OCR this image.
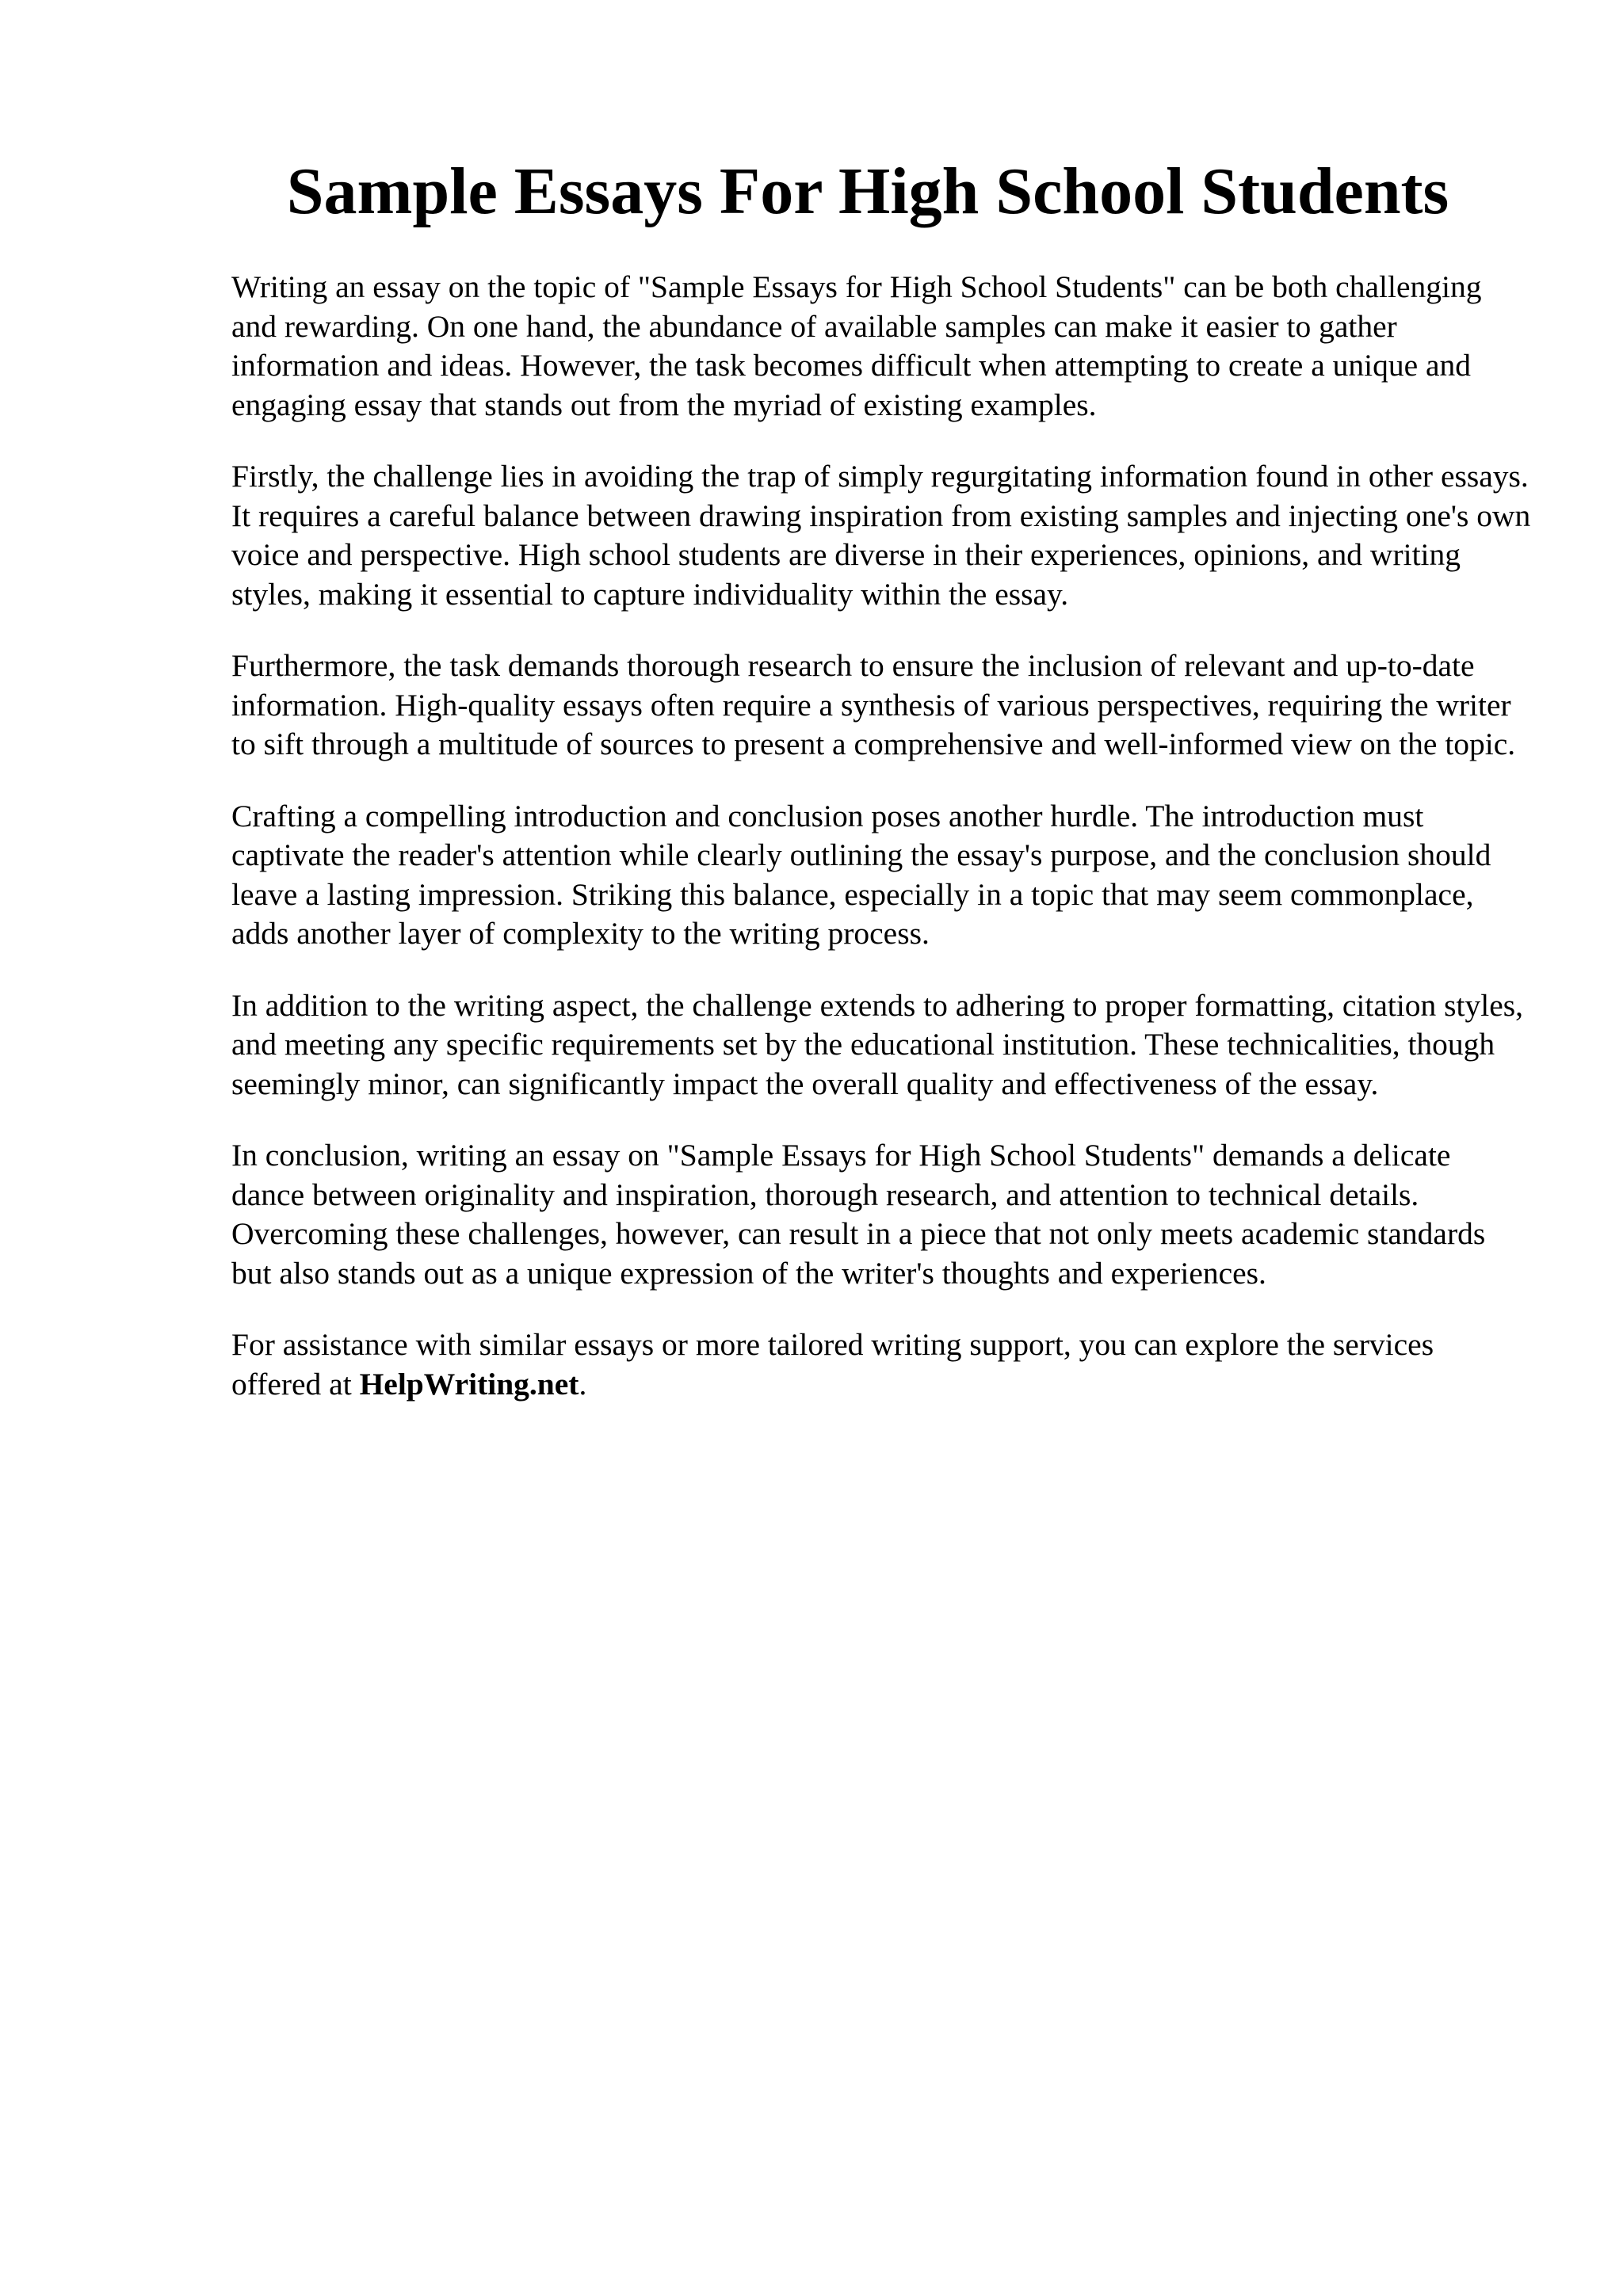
Sample Essays For High School Students

Writing an essay on the topic of "Sample Essays for High School Students" can be both challenging and rewarding. On one hand, the abundance of available samples can make it easier to gather information and ideas. However, the task becomes difficult when attempting to create a unique and engaging essay that stands out from the myriad of existing examples.

Firstly, the challenge lies in avoiding the trap of simply regurgitating information found in other essays. It requires a careful balance between drawing inspiration from existing samples and injecting one's own voice and perspective. High school students are diverse in their experiences, opinions, and writing styles, making it essential to capture individuality within the essay.

Furthermore, the task demands thorough research to ensure the inclusion of relevant and up-to-date information. High-quality essays often require a synthesis of various perspectives, requiring the writer to sift through a multitude of sources to present a comprehensive and well-informed view on the topic.

Crafting a compelling introduction and conclusion poses another hurdle. The introduction must captivate the reader's attention while clearly outlining the essay's purpose, and the conclusion should leave a lasting impression. Striking this balance, especially in a topic that may seem commonplace, adds another layer of complexity to the writing process.

In addition to the writing aspect, the challenge extends to adhering to proper formatting, citation styles, and meeting any specific requirements set by the educational institution. These technicalities, though seemingly minor, can significantly impact the overall quality and effectiveness of the essay.

In conclusion, writing an essay on "Sample Essays for High School Students" demands a delicate dance between originality and inspiration, thorough research, and attention to technical details. Overcoming these challenges, however, can result in a piece that not only meets academic standards but also stands out as a unique expression of the writer's thoughts and experiences.

For assistance with similar essays or more tailored writing support, you can explore the services offered at HelpWriting.net.
